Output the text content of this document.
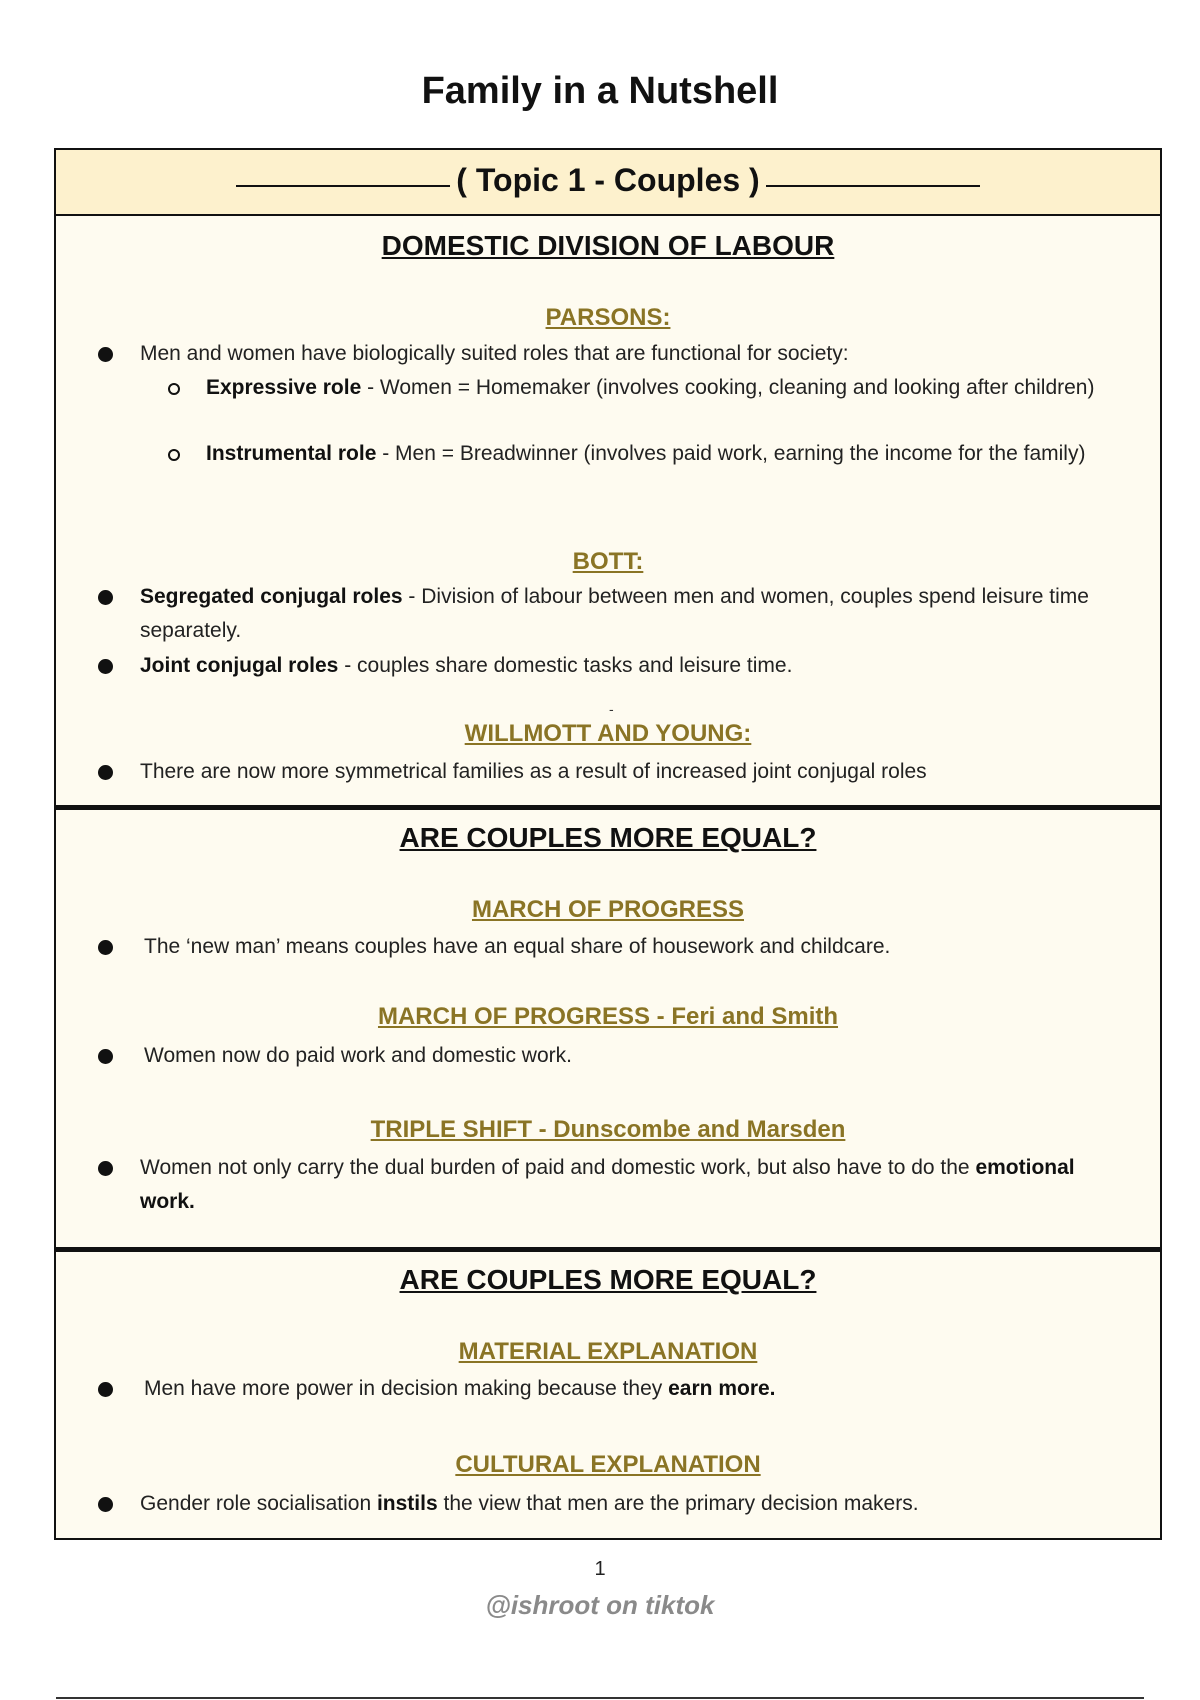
Family in a Nutshell
( Topic 1 - Couples )
DOMESTIC DIVISION OF LABOUR
PARSONS:
Men and women have biologically suited roles that are functional for society:
Expressive role - Women = Homemaker (involves cooking, cleaning and looking after children)
Instrumental role - Men = Breadwinner (involves paid work, earning the income for the family)
BOTT:
Segregated conjugal roles - Division of labour between men and women, couples spend leisure time separately.
Joint conjugal roles - couples share domestic tasks and leisure time.
-
WILLMOTT AND YOUNG:
There are now more symmetrical families as a result of increased joint conjugal roles
ARE COUPLES MORE EQUAL?
MARCH OF PROGRESS
The ‘new man’ means couples have an equal share of housework and childcare.
MARCH OF PROGRESS - Feri and Smith
Women now do paid work and domestic work.
TRIPLE SHIFT - Dunscombe and Marsden
Women not only carry the dual burden of paid and domestic work, but also have to do the emotional work.
ARE COUPLES MORE EQUAL?
MATERIAL EXPLANATION
Men have more power in decision making because they earn more.
CULTURAL EXPLANATION
Gender role socialisation instils the view that men are the primary decision makers.
1
@ishroot on tiktok
